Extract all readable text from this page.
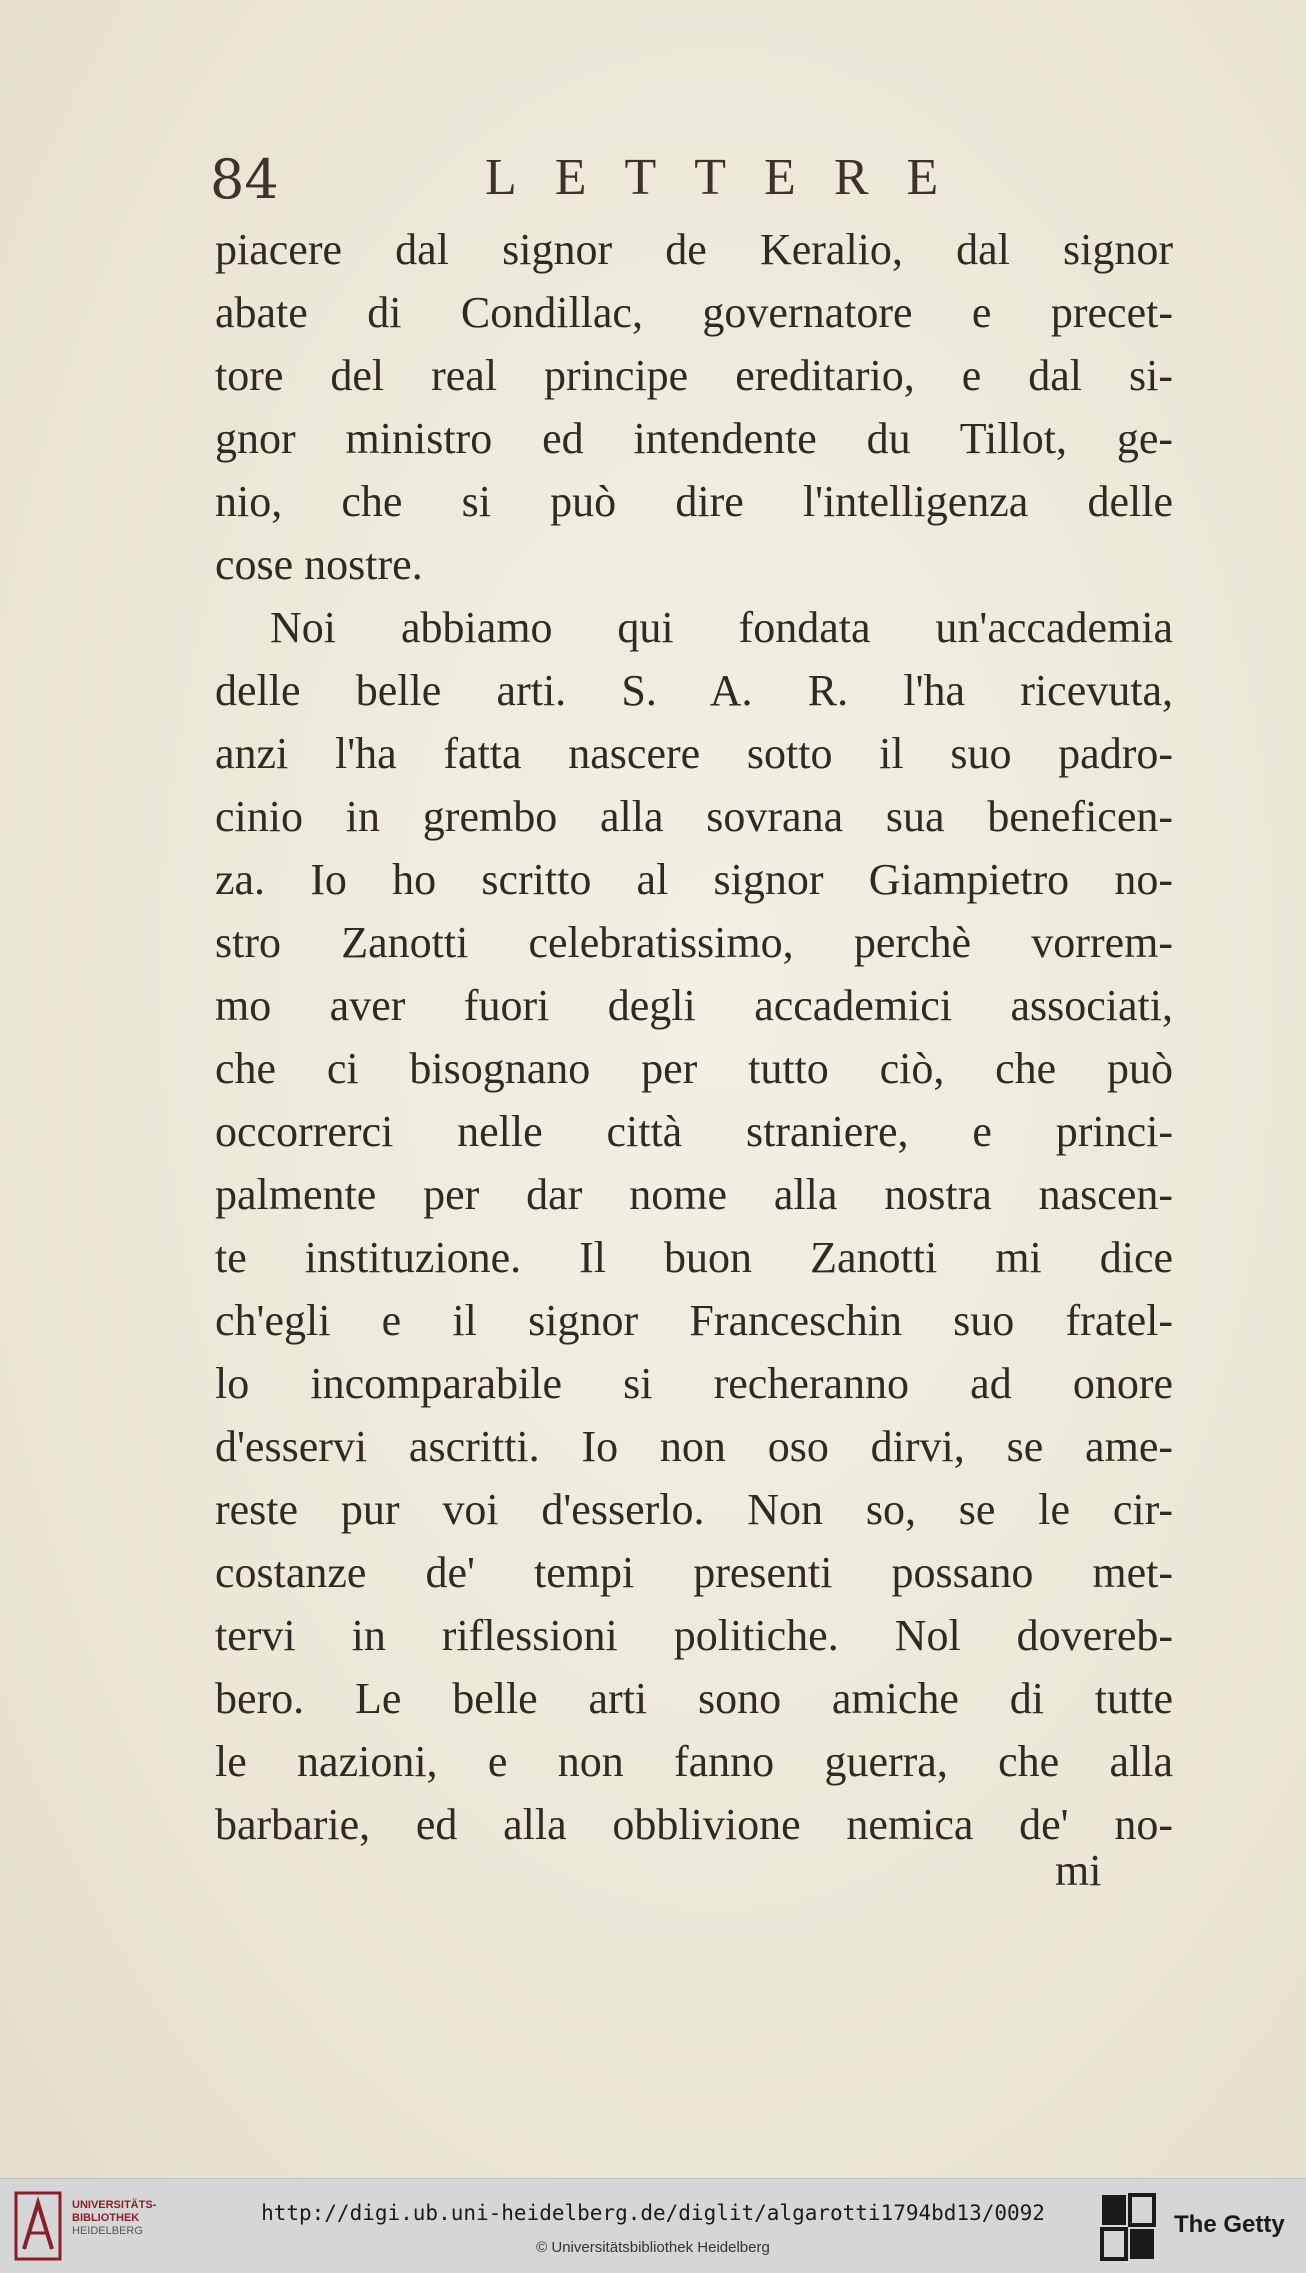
84	LETTERE
piacere dal signor de Keralio, dal signor
abate di Condillac, governatore e precet-
tore del real principe ereditario, e dal si-
gnor ministro ed intendente du Tillot, ge-
nio, che si può dire l'intelligenza delle
cose nostre.
Noi abbiamo qui fondata un'accademia
delle belle arti. S. A. R. l'ha ricevuta,
anzi l'ha fatta nascere sotto il suo padro-
cinio in grembo alla sovrana sua beneficen-
za. Io ho scritto al signor Giampietro no-
stro Zanotti celebratissimo, perchè vorrem-
mo aver fuori degli accademici associati,
che ci bisognano per tutto ciò, che può
occorrerci nelle città straniere, e princi-
palmente per dar nome alla nostra nascen-
te instituzione. Il buon Zanotti mi dice
ch'egli e il signor Franceschin suo fratel-
lo incomparabile si recheranno ad onore
d'esservi ascritti. Io non oso dirvi, se ame-
reste pur voi d'esserlo. Non so, se le cir-
costanze de' tempi presenti possano met-
tervi in riflessioni politiche. Nol dovereb-
bero. Le belle arti sono amiche di tutte
le nazioni, e non fanno guerra, che alla
barbarie, ed alla obblivione nemica de' no-
mi
UNIVERSITÄTS-
BIBLIOTHEK
HEIDELBERG
http://digi.ub.uni-heidelberg.de/diglit/algarotti1794bd13/0092
© Universitätsbibliothek Heidelberg
The Getty
